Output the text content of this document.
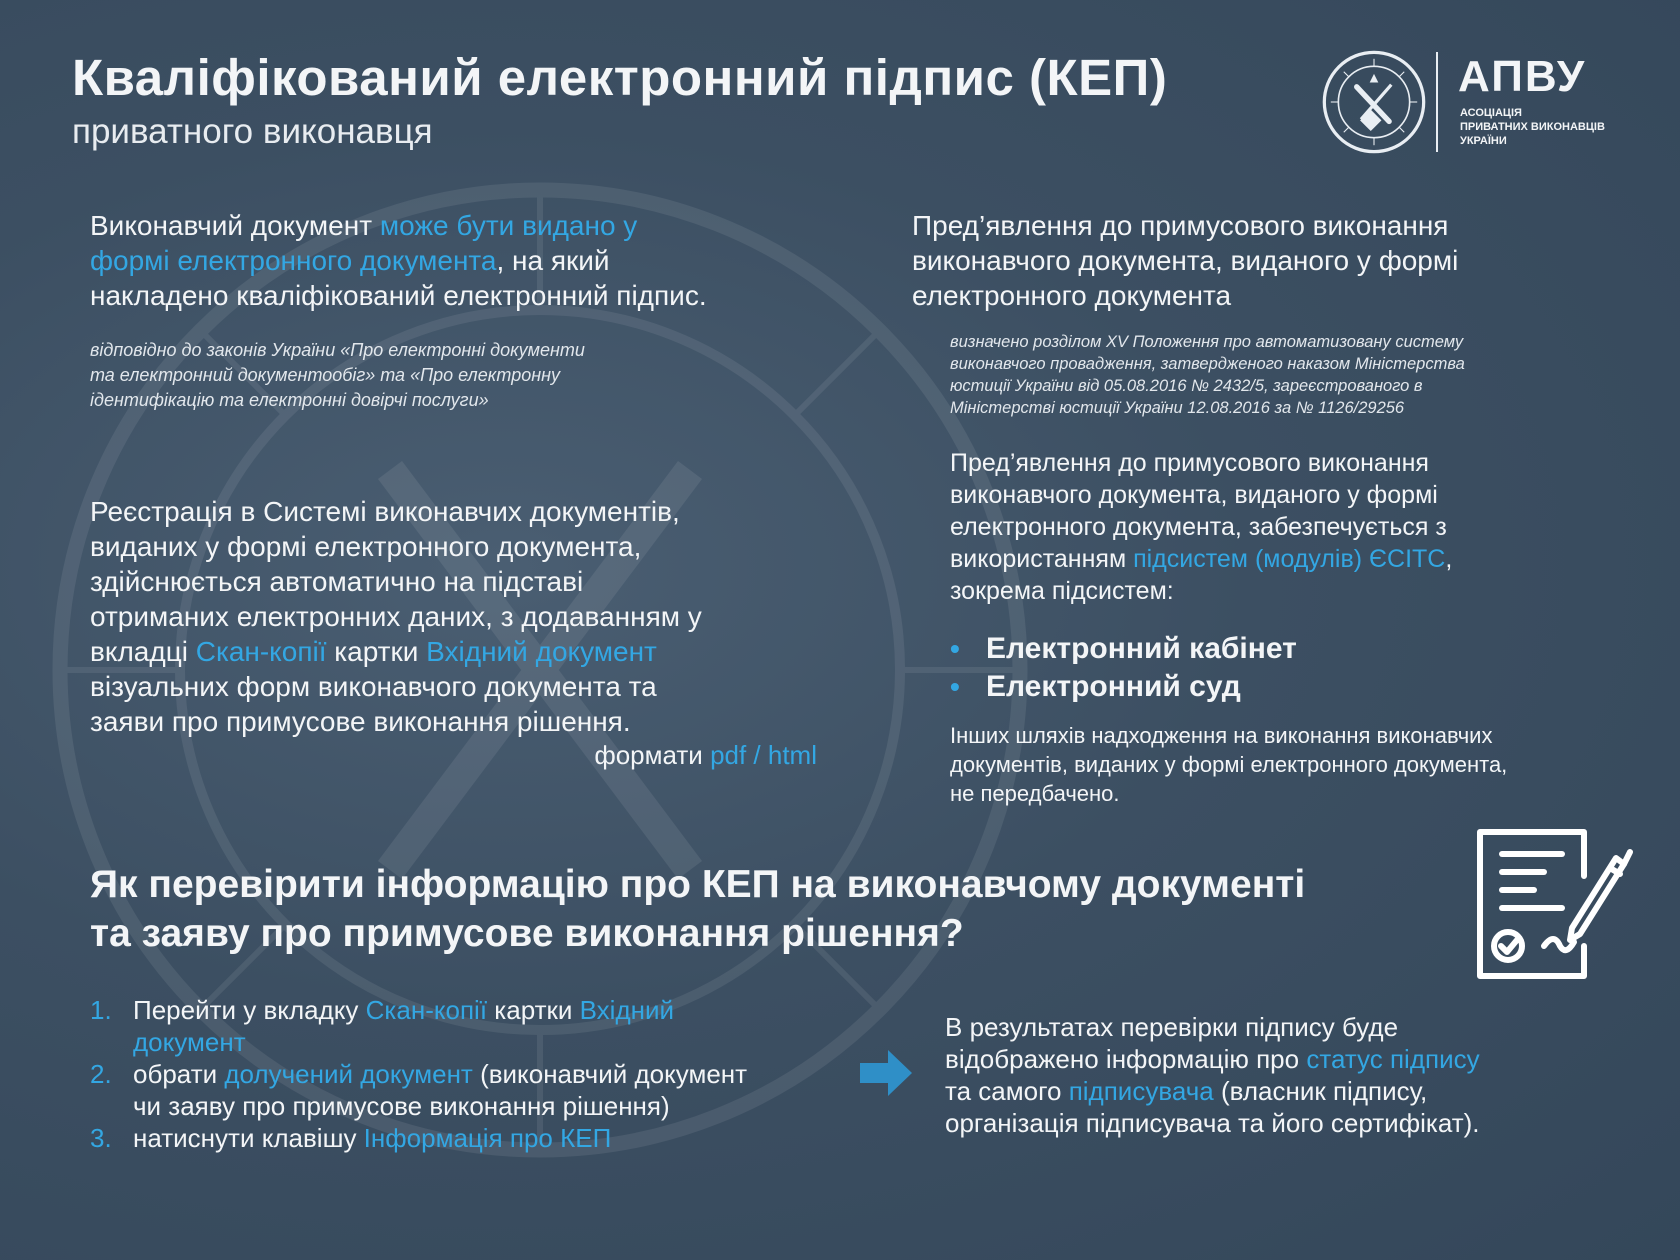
Кваліфікований електронний підпис (КЕП)
приватного виконавця
АПВУ
АСОЦІАЦІЯ
ПРИВАТНИХ ВИКОНАВЦІВ
УКРАЇНИ
Виконавчий документ може бути видано у
формі електронного документа, на який
накладено кваліфікований електронний підпис.
відповідно до законів України «Про електронні документи
та електронний документообіг» та «Про електронну
ідентифікацію та електронні довірчі послуги»
Реєстрація в Системі виконавчих документів,
виданих у формі електронного документа,
здійснюється автоматично на підставі
отриманих електронних даних, з додаванням у
вкладці Скан-копії картки Вхідний документ
візуальних форм виконавчого документа та
заяви про примусове виконання рішення.
формати pdf / html
Пред’явлення до примусового виконання
виконавчого документа, виданого у формі
електронного документа
визначено розділом XV Положення про автоматизовану систему
виконавчого провадження, затвердженого наказом Міністерства
юстиції України від 05.08.2016 № 2432/5, зареєстрованого в
Міністерстві юстиції України 12.08.2016 за № 1126/29256
Пред’явлення до примусового виконання
виконавчого документа, виданого у формі
електронного документа, забезпечується з
використанням підсистем (модулів) ЄСІТС,
зокрема підсистем:
• Електронний кабінет
• Електронний суд
Інших шляхів надходження на виконання виконавчих
документів, виданих у формі електронного документа,
не передбачено.
Як перевірити інформацію про КЕП на виконавчому документі
та заяву про примусове виконання рішення?
1. Перейти у вкладку Скан-копії картки Вхідний
документ
2. обрати долучений документ (виконавчий документ
чи заяву про примусове виконання рішення)
3. натиснути клавішу Інформація про КЕП
В результатах перевірки підпису буде
відображено інформацію про статус підпису
та самого підписувача (власник підпису,
організація підписувача та його сертифікат).
